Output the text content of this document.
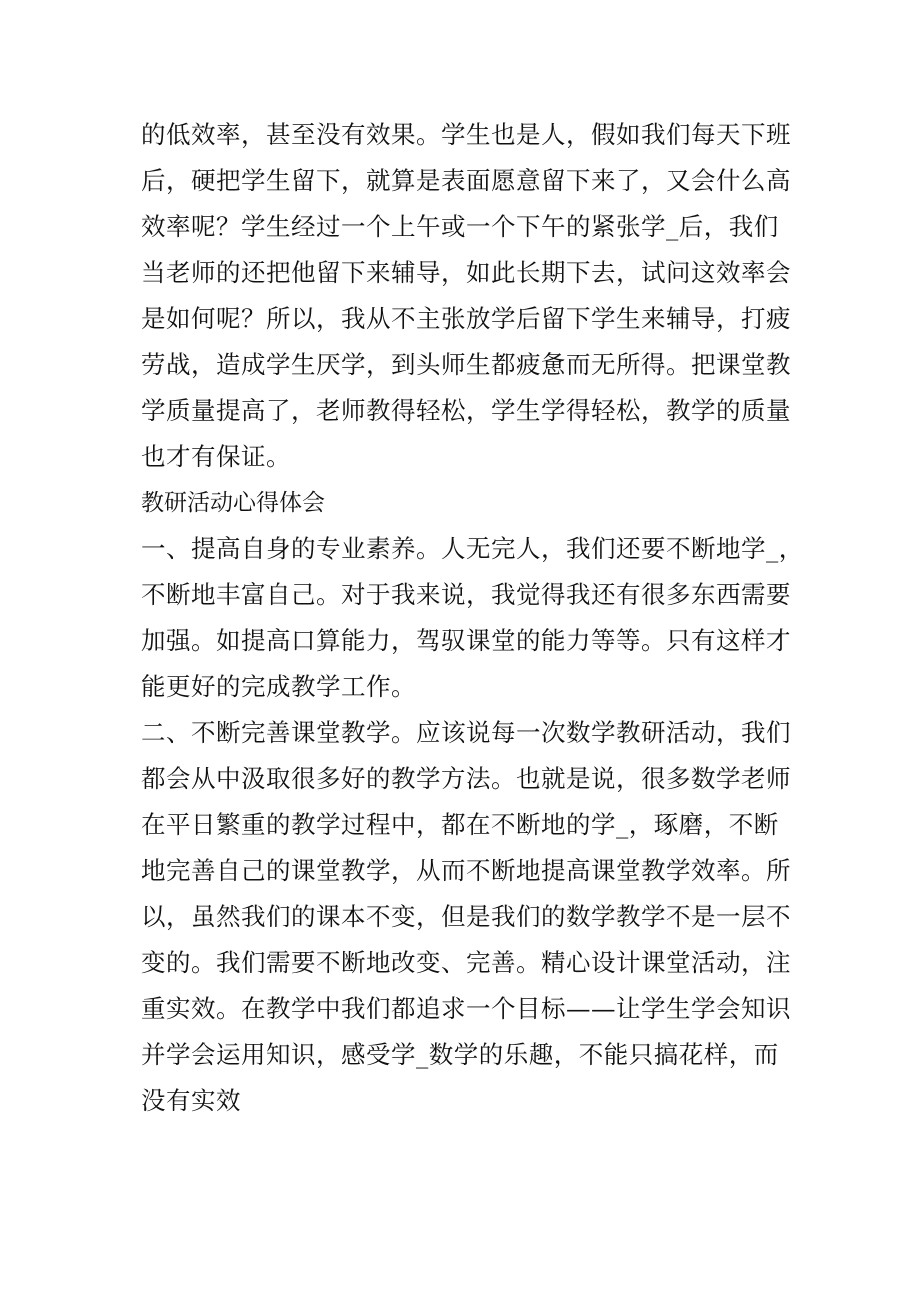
的低效率，甚至没有效果。学生也是人，假如我们每天下班
后，硬把学生留下，就算是表面愿意留下来了，又会什么高
效率呢？学生经过一个上午或一个下午的紧张学_后，我们
当老师的还把他留下来辅导，如此长期下去，试问这效率会
是如何呢？所以，我从不主张放学后留下学生来辅导，打疲
劳战，造成学生厌学，到头师生都疲惫而无所得。把课堂教
学质量提高了，老师教得轻松，学生学得轻松，教学的质量
也才有保证。
教研活动心得体会
一、提高自身的专业素养。人无完人，我们还要不断地学_，
不断地丰富自己。对于我来说，我觉得我还有很多东西需要
加强。如提高口算能力，驾驭课堂的能力等等。只有这样才
能更好的完成教学工作。
二、不断完善课堂教学。应该说每一次数学教研活动，我们
都会从中汲取很多好的教学方法。也就是说，很多数学老师
在平日繁重的教学过程中，都在不断地的学_，琢磨，不断
地完善自己的课堂教学，从而不断地提高课堂教学效率。所
以，虽然我们的课本不变，但是我们的数学教学不是一层不
变的。我们需要不断地改变、完善。精心设计课堂活动，注
重实效。在教学中我们都追求一个目标——让学生学会知识
并学会运用知识，感受学_数学的乐趣，不能只搞花样，而
没有实效
